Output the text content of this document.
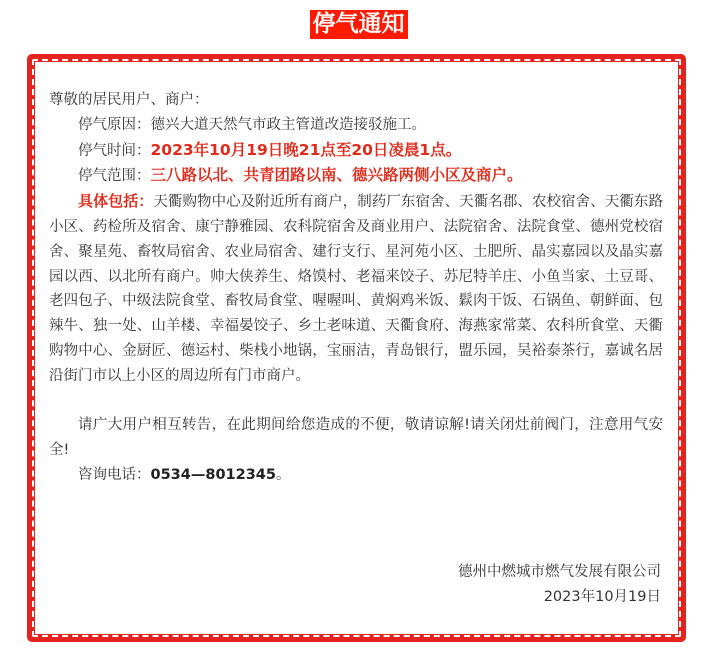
停气通知

尊敬的居民用户、商户：

停气原因：德兴大道天然气市政主管道改造接驳施工。

停气时间：2023年10月19日晚21点至20日凌晨1点。

停气范围：三八路以北、共青团路以南、德兴路两侧小区及商户。

具体包括：天衢购物中心及附近所有商户，制药厂东宿舍、天衢名郡、农校宿舍、天衢东路小区、药检所及宿舍、康宁静雅园、农科院宿舍及商业用户、法院宿舍、法院食堂、德州党校宿舍、聚星苑、畜牧局宿舍、农业局宿舍、建行支行、星河苑小区、土肥所、晶实嘉园以及晶实嘉园以西、以北所有商户。帅大侠养生、烙馍村、老福来饺子、苏尼特羊庄、小鱼当家、土豆哥、老四包子、中级法院食堂、畜牧局食堂、喔喔叫、黄焖鸡米饭、鬏肉干饭、石锅鱼、朝鲜面、包辣牛、独一处、山羊楼、幸福晏饺子、乡土老味道、天衢食府、海燕家常菜、农科所食堂、天衢购物中心、金厨匠、德运村、柴栈小地锅，宝丽洁，青岛银行，盟乐园，吴裕泰茶行，嘉诚名居沿街门市以上小区的周边所有门市商户。

请广大用户相互转告，在此期间给您造成的不便，敬请谅解!请关闭灶前阀门，注意用气安全!

咨询电话：0534—8012345。

德州中燃城市燃气发展有限公司
2023年10月19日
